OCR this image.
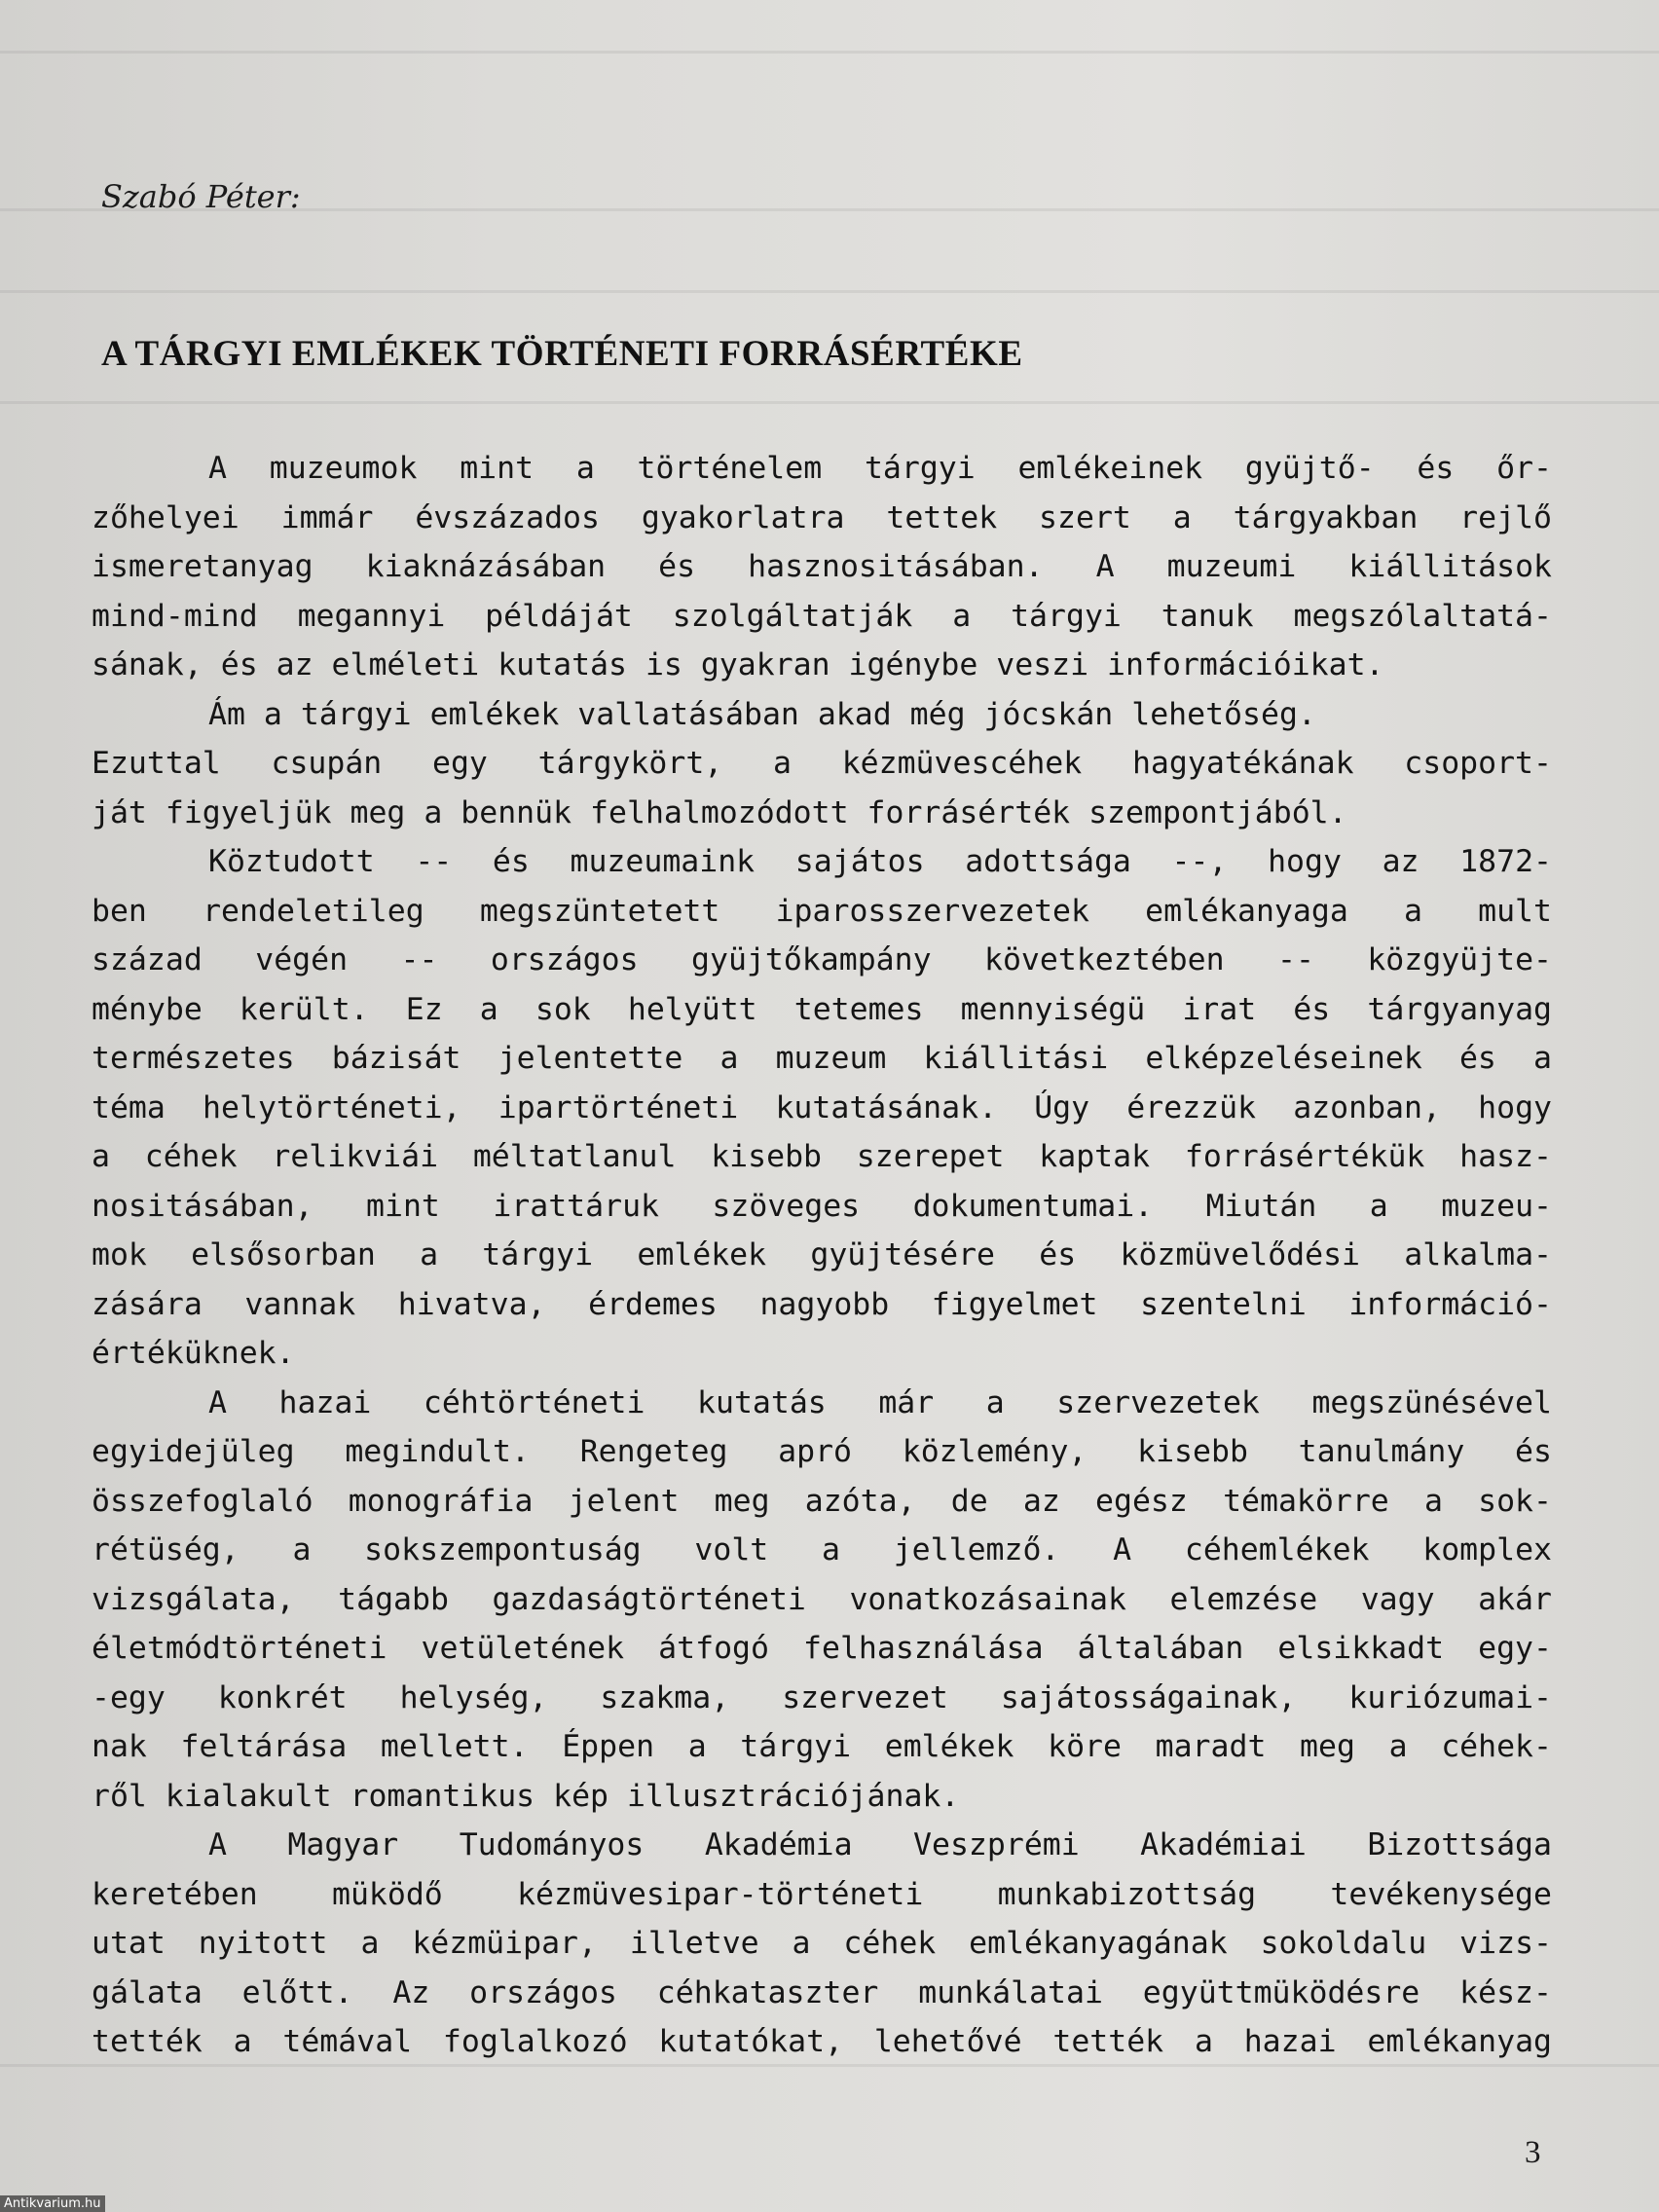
Szabó Péter:

A TÁRGYI EMLÉKEK TÖRTÉNETI FORRÁSÉRTÉKE
A muzeumok mint a történelem tárgyi emlékeinek gyüjtő- és őr-
zőhelyei immár évszázados gyakorlatra tettek szert a tárgyakban rejlő
ismeretanyag kiaknázásában és hasznositásában. A muzeumi kiállitások
mind-mind megannyi példáját szolgáltatják a tárgyi tanuk megszólaltatá-
sának, és az elméleti kutatás is gyakran igénybe veszi információikat.
Ám a tárgyi emlékek vallatásában akad még jócskán lehetőség.
Ezuttal csupán egy tárgykört, a kézmüvescéhek hagyatékának csoport-
ját figyeljük meg a bennük felhalmozódott forrásérték szempontjából.
Köztudott -- és muzeumaink sajátos adottsága --, hogy az 1872-
ben rendeletileg megszüntetett iparosszervezetek emlékanyaga a mult
század végén -- országos gyüjtőkampány következtében -- közgyüjte-
ménybe került. Ez a sok helyütt tetemes mennyiségü irat és tárgyanyag
természetes bázisát jelentette a muzeum kiállitási elképzeléseinek és a
téma helytörténeti, ipartörténeti kutatásának. Úgy érezzük azonban, hogy
a céhek relikviái méltatlanul kisebb szerepet kaptak forrásértékük hasz-
nositásában, mint irattáruk szöveges dokumentumai. Miután a muzeu-
mok elsősorban a tárgyi emlékek gyüjtésére és közmüvelődési alkalma-
zására vannak hivatva, érdemes nagyobb figyelmet szentelni információ-
értéküknek.
A hazai céhtörténeti kutatás már a szervezetek megszünésével
egyidejüleg megindult. Rengeteg apró közlemény, kisebb tanulmány és
összefoglaló monográfia jelent meg azóta, de az egész témakörre a sok-
rétüség, a sokszempontuság volt a jellemző. A céhemlékek komplex
vizsgálata, tágabb gazdaságtörténeti vonatkozásainak elemzése vagy akár
életmódtörténeti vetületének átfogó felhasználása általában elsikkadt egy-
-egy konkrét helység, szakma, szervezet sajátosságainak, kuriózumai-
nak feltárása mellett. Éppen a tárgyi emlékek köre maradt meg a céhek-
ről kialakult romantikus kép illusztrációjának.
A Magyar Tudományos Akadémia Veszprémi Akadémiai Bizottsága
keretében müködő kézmüvesipar-történeti munkabizottság tevékenysége
utat nyitott a kézmüipar, illetve a céhek emlékanyagának sokoldalu vizs-
gálata előtt. Az országos céhkataszter munkálatai együttmüködésre kész-
tették a témával foglalkozó kutatókat, lehetővé tették a hazai emlékanyag

3

Antikvarium.hu
